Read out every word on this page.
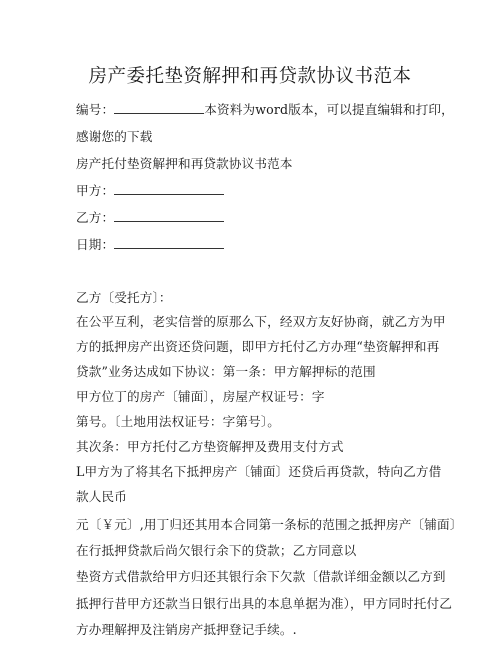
房产委托垫资解押和再贷款协议书范本
编号：	本资料为word版本，可以提直编辑和打印，
感谢您的下载
房产托付垫资解押和再贷款协议书范本
甲方：
乙方：
日期：
乙方〔受托方〕：
在公平互利，老实信誉的原那么下，经双方友好协商，就乙方为甲
方的抵押房产出资还贷问题，即甲方托付乙方办理“垫资解押和再
贷款”业务达成如下协议：第一条：甲方解押标的范围
甲方位丁的房产〔铺面〕，房屋产权证号：字
第号。〔土地用法权证号：字第号〕。
其次条：甲方托付乙方垫资解押及费用支付方式
L甲方为了将其名下抵押房产〔铺面〕还贷后再贷款，特向乙方借
款人民币
元〔￥元〕,用丁归还其用本合同第一条标的范围之抵押房产〔铺面〕
在行抵押贷款后尚欠银行余下的贷款；乙方同意以
垫资方式借款给甲方归还其银行余下欠款〔借款详细金额以乙方到
抵押行昔甲方还款当日银行出具的本息单据为准），甲方同时托付乙
方办理解押及注销房产抵押登记手续。.
